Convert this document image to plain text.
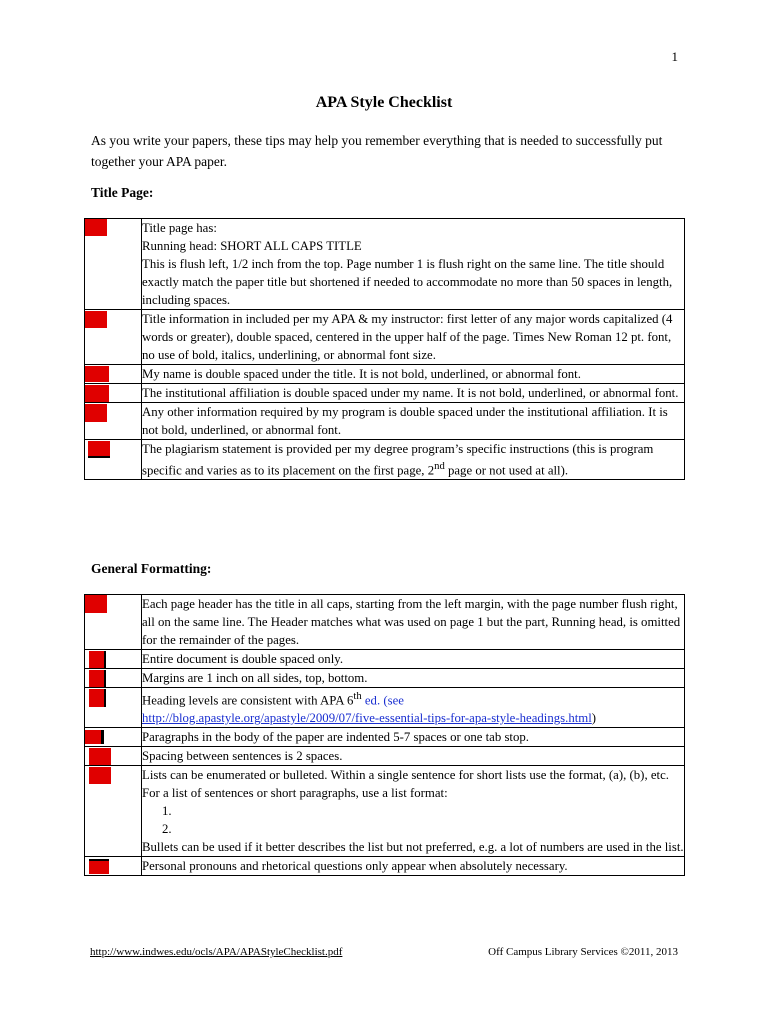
1
APA Style Checklist
As you write your papers, these tips may help you remember everything that is needed to successfully put together your APA paper.
Title Page:

	Title page has:
Running head: SHORT ALL CAPS TITLE
This is flush left, 1/2 inch from the top. Page number 1 is flush right on the same line. The title should exactly match the paper title but shortened if needed to accommodate no more than 50 spaces in length, including spaces.

	Title information in included per my APA & my instructor: first letter of any major words capitalized (4 words or greater), double spaced, centered in the upper half of the page. Times New Roman 12 pt. font, no use of bold, italics, underlining, or abnormal font size.

	My name is double spaced under the title. It is not bold, underlined, or abnormal font.

	The institutional affiliation is double spaced under my name. It is not bold, underlined, or abnormal font.

	Any other information required by my program is double spaced under the institutional affiliation. It is not bold, underlined, or abnormal font.

	The plagiarism statement is provided per my degree program’s specific instructions (this is program specific and varies as to its placement on the first page, 2nd page or not used at all).
General Formatting:
	Each page header has the title in all caps, starting from the left margin, with the page number flush right, all on the same line. The Header matches what was used on page 1 but the part, Running head, is omitted for the remainder of the pages.

	Entire document is double spaced only.

	Margins are 1 inch on all sides, top, bottom.

	Heading levels are consistent with APA 6th ed. (see
http://blog.apastyle.org/apastyle/2009/07/five-essential-tips-for-apa-style-headings.html)

	Paragraphs in the body of the paper are indented 5-7 spaces or one tab stop.

	Spacing between sentences is 2 spaces.

	Lists can be enumerated or bulleted. Within a single sentence for short lists use the format, (a), (b), etc. For a list of sentences or short paragraphs, use a list format:
1.
2.
Bullets can be used if it better describes the list but not preferred, e.g. a lot of numbers are used in the list.

	Personal pronouns and rhetorical questions only appear when absolutely necessary.
http://www.indwes.edu/ocls/APA/APAStyleChecklist.pdf	Off Campus Library Services ©2011, 2013
